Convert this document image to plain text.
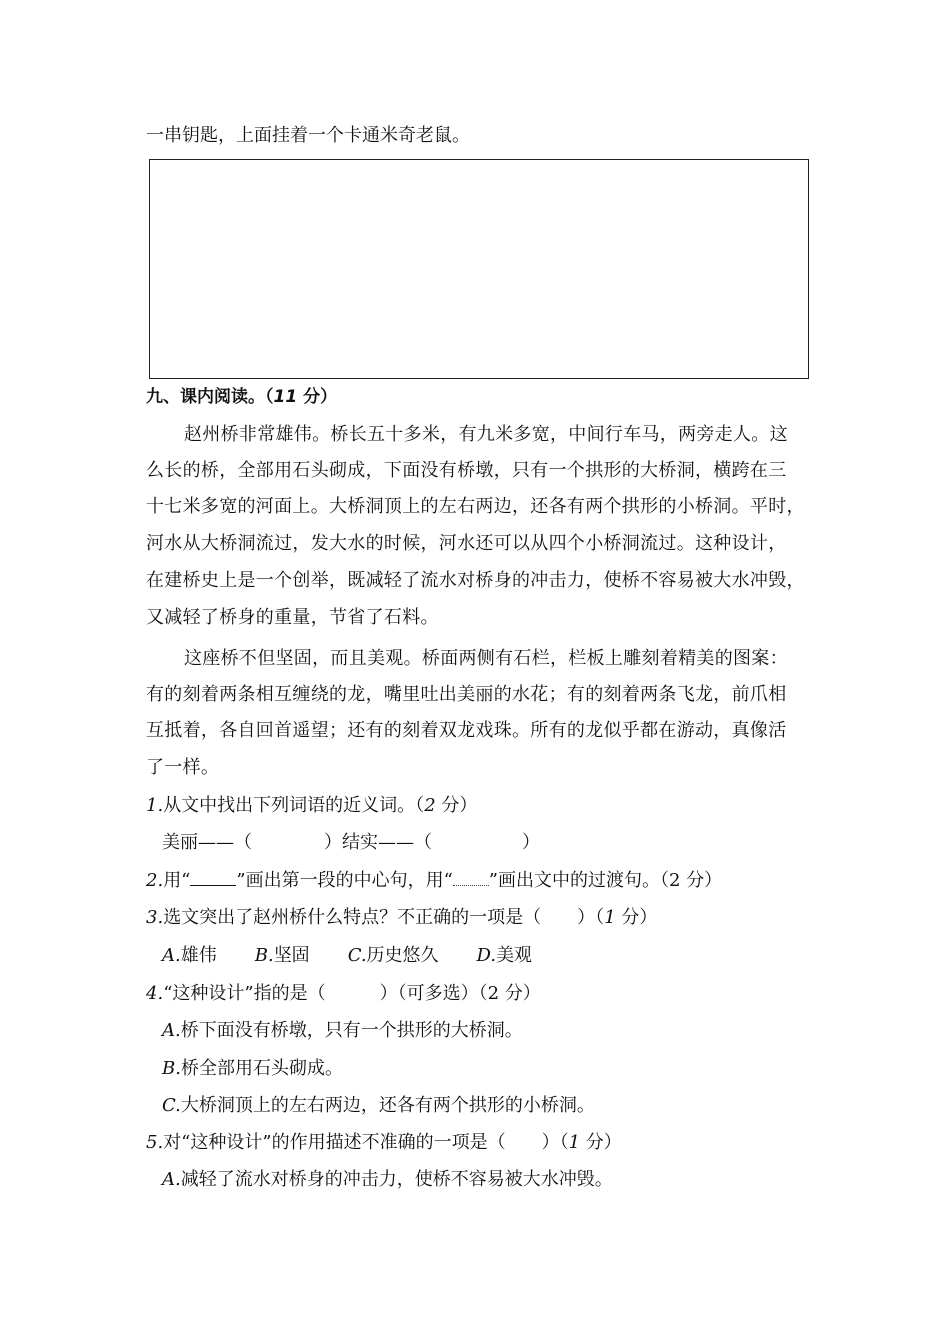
一串钥匙，上面挂着一个卡通米奇老鼠。
九、课内阅读。（11 分）
赵州桥非常雄伟。桥长五十多米，有九米多宽，中间行车马，两旁走人。这
么长的桥，全部用石头砌成，下面没有桥墩，只有一个拱形的大桥洞，横跨在三
十七米多宽的河面上。大桥洞顶上的左右两边，还各有两个拱形的小桥洞。平时，
河水从大桥洞流过，发大水的时候，河水还可以从四个小桥洞流过。这种设计，
在建桥史上是一个创举，既减轻了流水对桥身的冲击力，使桥不容易被大水冲毁，
又减轻了桥身的重量，节省了石料。
这座桥不但坚固，而且美观。桥面两侧有石栏，栏板上雕刻着精美的图案：
有的刻着两条相互缠绕的龙，嘴里吐出美丽的水花；有的刻着两条飞龙，前爪相
互抵着，各自回首遥望；还有的刻着双龙戏珠。所有的龙似乎都在游动，真像活
了一样。
1.从文中找出下列词语的近义词。（2 分）
美丽——（　　　　）结实——（　　　　　）
2.用“	”画出第一段的中心句，用“ ”画出文中的过渡句。（2 分）
3.选文突出了赵州桥什么特点？不正确的一项是（　　）（1 分）
A.雄伟 B.坚固 C.历史悠久 D.美观
4.“这种设计”指的是（　　　）（可多选）（2 分）
A.桥下面没有桥墩，只有一个拱形的大桥洞。
B.桥全部用石头砌成。
C.大桥洞顶上的左右两边，还各有两个拱形的小桥洞。
5.对“这种设计”的作用描述不准确的一项是（　　）（1 分）
A.减轻了流水对桥身的冲击力，使桥不容易被大水冲毁。
